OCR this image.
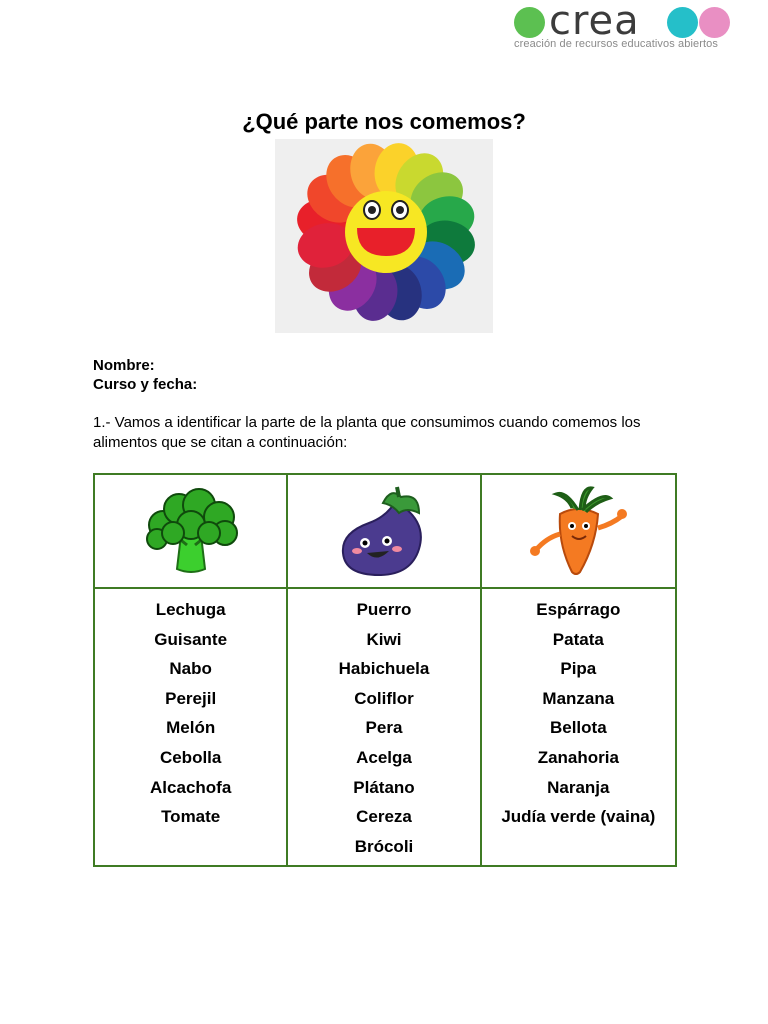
crea
creación de recursos educativos abiertos
¿Qué parte nos comemos?
Nombre:
Curso y fecha:
1.- Vamos a identificar la parte de la planta que consumimos cuando comemos los alimentos que se citan a continuación:
Lechuga
Guisante
Nabo
Perejil
Melón
Cebolla
Alcachofa
Tomate
Puerro
Kiwi
Habichuela
Coliflor
Pera
Acelga
Plátano
Cereza
Brócoli
Espárrago
Patata
Pipa
Manzana
Bellota
Zanahoria
Naranja
Judía verde (vaina)
